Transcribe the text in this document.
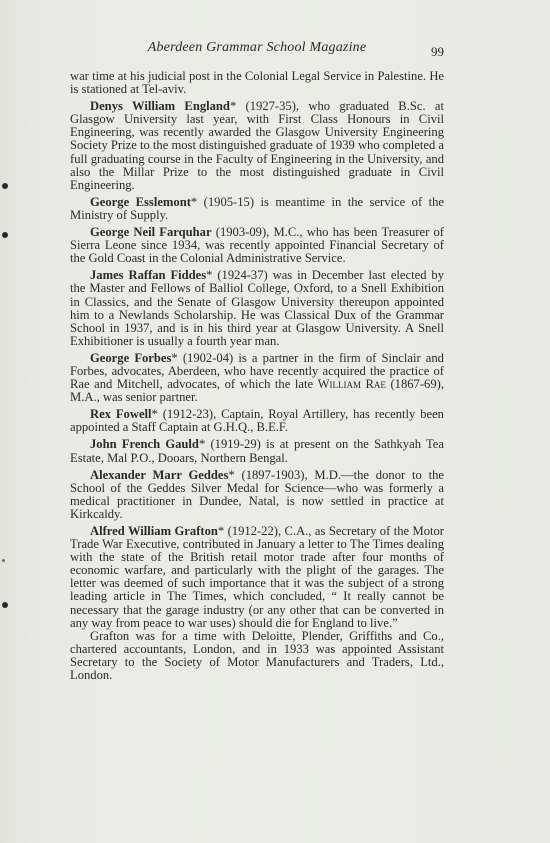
Aberdeen Grammar School Magazine	99

war time at his judicial post in the Colonial Legal Service in Palestine. He is stationed at Tel-aviv.

Denys William England* (1927-35), who graduated B.Sc. at Glasgow University last year, with First Class Honours in Civil Engineering, was recently awarded the Glasgow University Engineering Society Prize to the most distinguished graduate of 1939 who completed a full graduating course in the Faculty of Engineering in the University, and also the Millar Prize to the most distinguished graduate in Civil Engineering.

George Esslemont* (1905-15) is meantime in the service of the Ministry of Supply.

George Neil Farquhar (1903-09), M.C., who has been Treasurer of Sierra Leone since 1934, was recently appointed Financial Secretary of the Gold Coast in the Colonial Administrative Service.

James Raffan Fiddes* (1924-37) was in December last elected by the Master and Fellows of Balliol College, Oxford, to a Snell Exhibition in Classics, and the Senate of Glasgow University thereupon appointed him to a Newlands Scholarship. He was Classical Dux of the Grammar School in 1937, and is in his third year at Glasgow University. A Snell Exhibitioner is usually a fourth year man.

George Forbes* (1902-04) is a partner in the firm of Sinclair and Forbes, advocates, Aberdeen, who have recently acquired the practice of Rae and Mitchell, advocates, of which the late William Rae (1867-69), M.A., was senior partner.

Rex Fowell* (1912-23), Captain, Royal Artillery, has recently been appointed a Staff Captain at G.H.Q., B.E.F.

John French Gauld* (1919-29) is at present on the Sathkyah Tea Estate, Mal P.O., Dooars, Northern Bengal.

Alexander Marr Geddes* (1897-1903), M.D.—the donor to the School of the Geddes Silver Medal for Science—who was formerly a medical practitioner in Dundee, Natal, is now settled in practice at Kirkcaldy.

Alfred William Grafton* (1912-22), C.A., as Secretary of the Motor Trade War Executive, contributed in January a letter to The Times dealing with the state of the British retail motor trade after four months of economic warfare, and particularly with the plight of the garages. The letter was deemed of such importance that it was the subject of a strong leading article in The Times, which concluded, “ It really cannot be necessary that the garage industry (or any other that can be converted in any way from peace to war uses) should die for England to live.”

Grafton was for a time with Deloitte, Plender, Griffiths and Co., chartered accountants, London, and in 1933 was appointed Assistant Secretary to the Society of Motor Manufacturers and Traders, Ltd., London.
